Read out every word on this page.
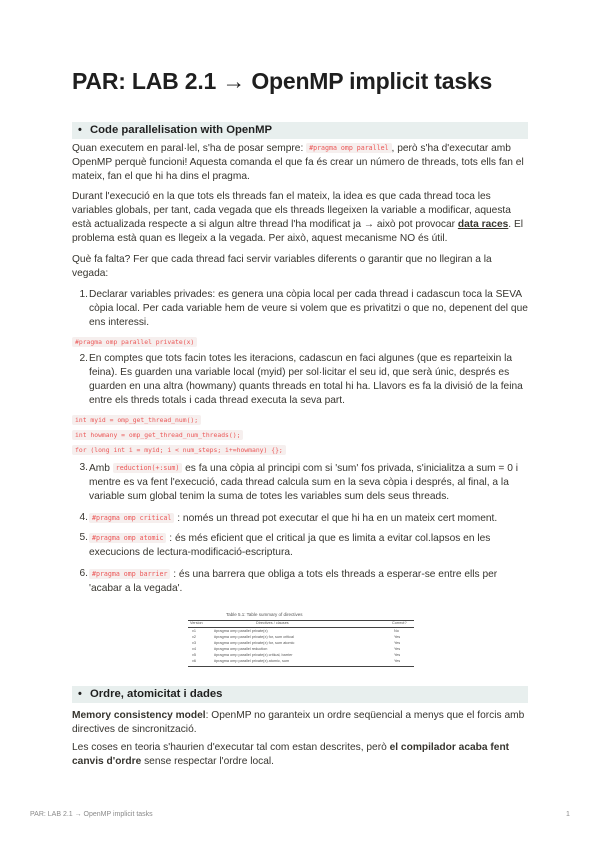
PAR: LAB 2.1 → OpenMP implicit tasks
• Code parallelisation with OpenMP

Quan executem en paral·lel, s'ha de posar sempre: #pragma omp parallel , però s'ha d'executar amb OpenMP perquè funcioni! Aquesta comanda el que fa és crear un número de threads, tots ells fan el mateix, fan el que hi ha dins el pragma.

Durant l'execució en la que tots els threads fan el mateix, la idea es que cada thread toca les variables globals, per tant, cada vegada que els threads llegeixen la variable a modificar, aquesta està actualizada respecte a si algun altre thread l'ha modificat ja → això pot provocar data races. El problema està quan es llegeix a la vegada. Per això, aquest mecanisme NO és útil.

Què fa falta? Fer que cada thread faci servir variables diferents o garantir que no llegiran a la vegada:

1. Declarar variables privades: es genera una còpia local per cada thread i cadascun toca la SEVA còpia local. Per cada variable hem de veure si volem que es privatitzi o que no, depenent del que ens interessi.
#pragma omp parallel private(x)
2. En comptes que tots facin totes les iteracions, cadascun en faci algunes (que es reparteixin la feina). Es guarden una variable local (myid) per sol·licitar el seu id, que serà únic, després es guarden en una altra (howmany) quants threads en total hi ha. Llavors es fa la divisió de la feina entre els threds totals i cada thread executa la seva part.
int myid = omp_get_thread_num();
int howmany = omp_get_thread_num_threads();
for (long int i = myid; i < num_steps; i+=howmany) {};
3. Amb reduction(+:sum) es fa una còpia al principi com si 'sum' fos privada, s'inicialitza a sum = 0 i mentre es va fent l'execució, cada thread calcula sum en la seva còpia i després, al final, a la variable sum global tenim la suma de totes les variables sum dels seus threads.
4. #pragma omp critical : només un thread pot executar el que hi ha en un mateix cert moment.
5. #pragma omp atomic : és més eficient que el critical ja que es limita a evitar col.lapsos en les execucions de lectura-modificació-escriptura.
6. #pragma omp barrier : és una barrera que obliga a tots els threads a esperar-se entre ells per 'acabar a la vegada'.
Table 5.1: Table summary of directives
Version	Directives / clauses	Correct?
v1	#pragma omp parallel private(x)	No
v2	#pragma omp parallel private(x) for, sum critical	Yes
v3	#pragma omp parallel private(x) for, sum atomic	Yes
v4	#pragma omp parallel reduction	Yes
v5	#pragma omp parallel private(x) critical, barrier	Yes
v6	#pragma omp parallel private(x) atomic, sum	Yes
• Ordre, atomicitat i dades

Memory consistency model: OpenMP no garanteix un ordre seqüencial a menys que el forcis amb directives de sincronització.

Les coses en teoria s'haurien d'executar tal com estan descrites, però el compilador acaba fent canvis d'ordre sense respectar l'ordre local.

PAR: LAB 2.1 → OpenMP implicit tasks	1
